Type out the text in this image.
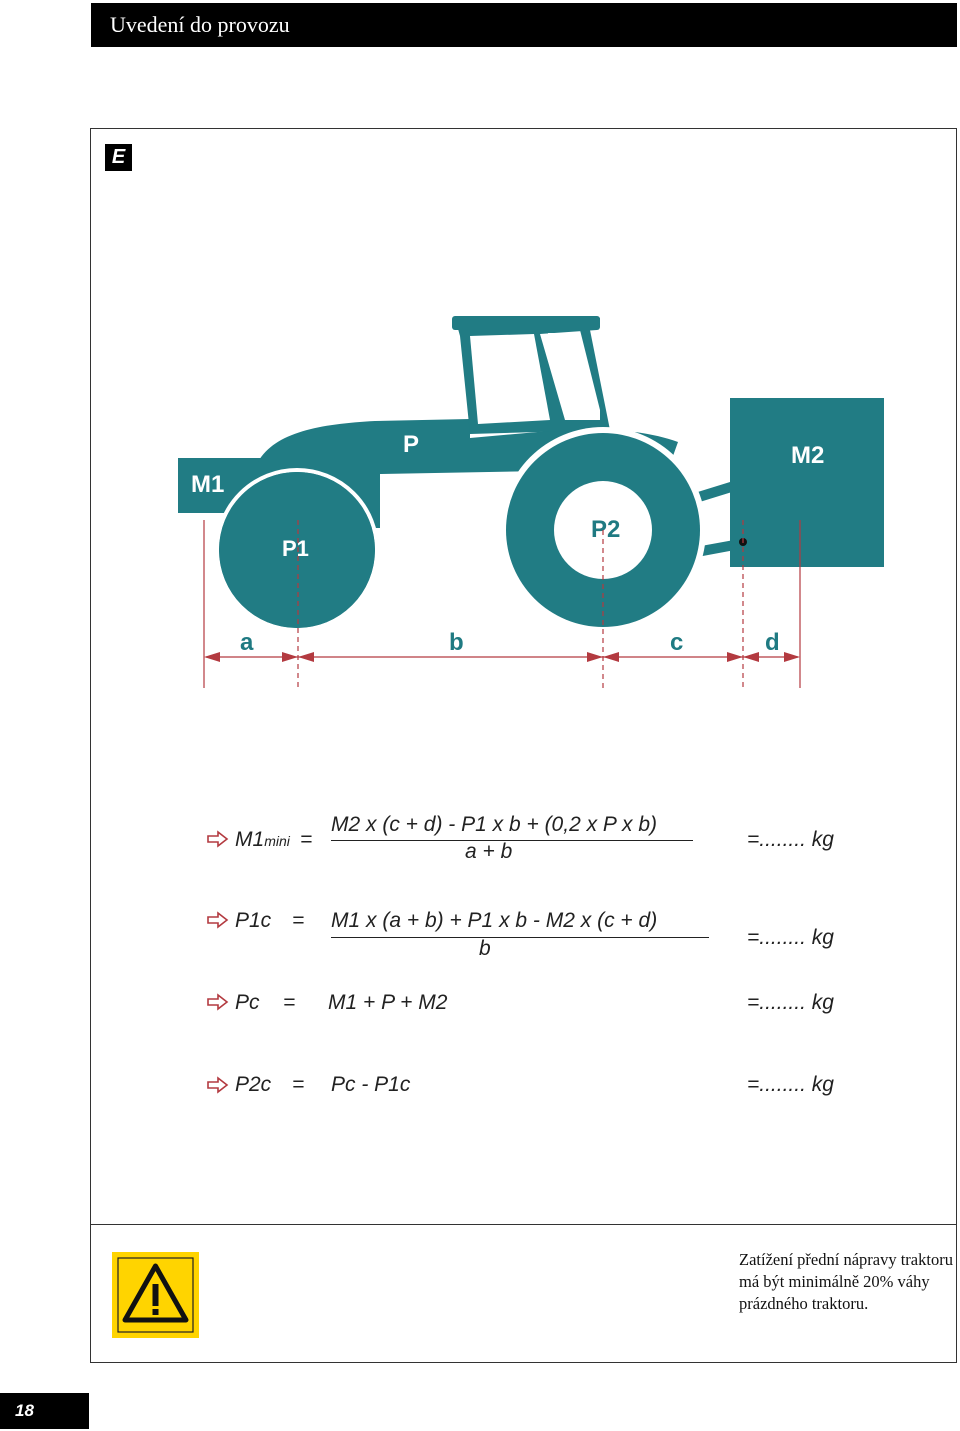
Uvedení do provozu
E
M1
P	M2
P1
P2
a	b	c	d
M1mini =
M2 x (c + d) - P1 x b + (0,2 x P x b)
a + b
=........ kg
P1c = M1 x (a + b) + P1 x b - M2 x (c + d)
b	=........ kg
Pc = M1 + P + M2	=........ kg
P2c = Pc - P1c	=........ kg
Zatížení přední nápravy traktoru má být minimálně 20% váhy prázdného traktoru.
18
